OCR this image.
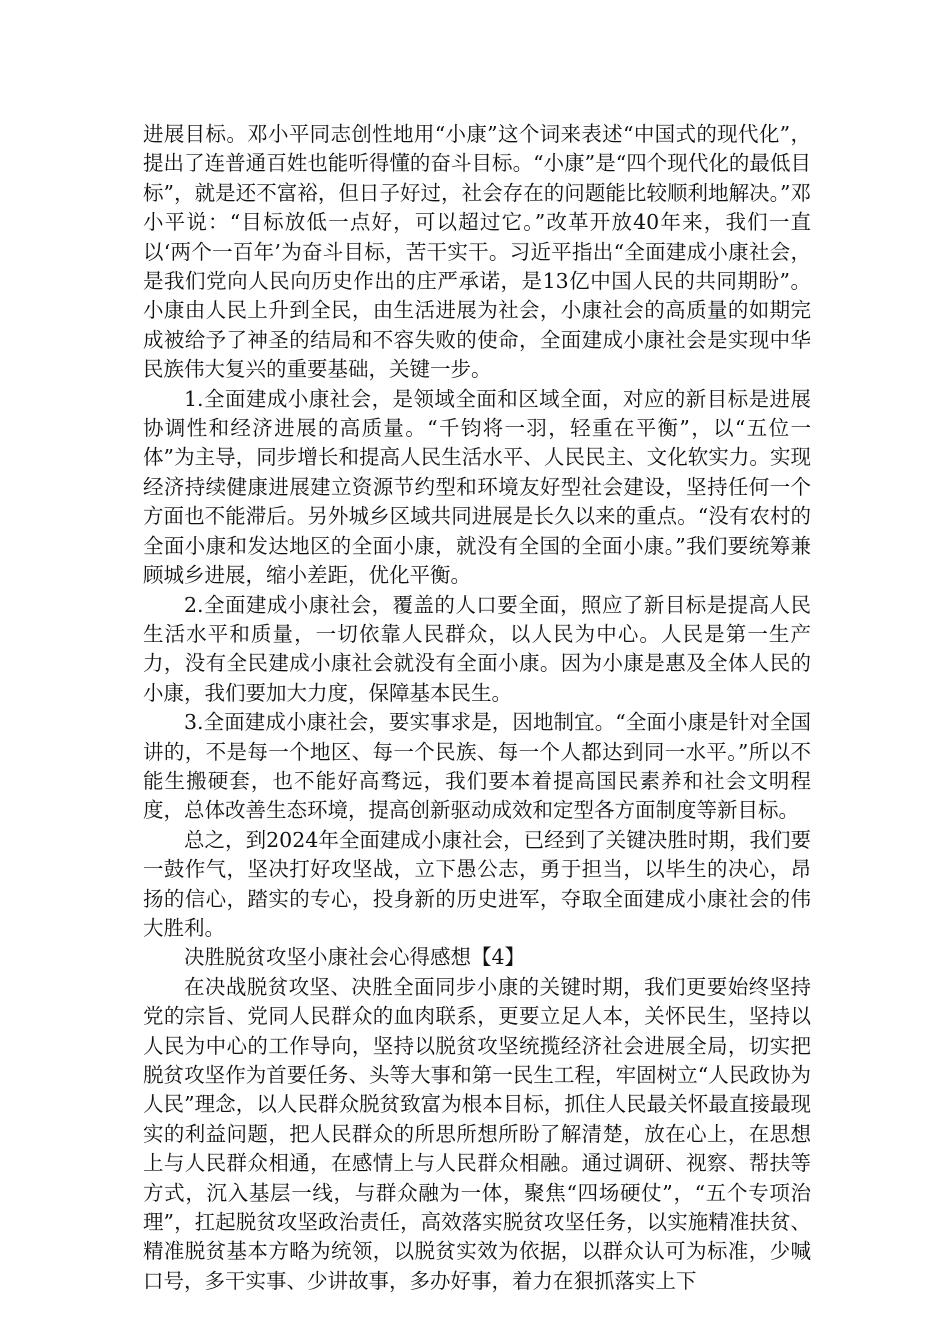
进展目标。邓小平同志创性地用“小康”这个词来表述“中国式的现代化”，提出了连普通百姓也能听得懂的奋斗目标。“小康”是“四个现代化的最低目标”，就是还不富裕，但日子好过，社会存在的问题能比较顺利地解决。”邓小平说：“目标放低一点好，可以超过它。”改革开放40年来，我们一直以‘两个一百年’为奋斗目标，苦干实干。习近平指出“全面建成小康社会，是我们党向人民向历史作出的庄严承诺，是13亿中国人民的共同期盼”。小康由人民上升到全民，由生活进展为社会，小康社会的高质量的如期完成被给予了神圣的结局和不容失败的使命，全面建成小康社会是实现中华民族伟大复兴的重要基础，关键一步。

1.全面建成小康社会，是领域全面和区域全面，对应的新目标是进展协调性和经济进展的高质量。“千钧将一羽，轻重在平衡”，以“五位一体”为主导，同步增长和提高人民生活水平、人民民主、文化软实力。实现经济持续健康进展建立资源节约型和环境友好型社会建设，坚持任何一个方面也不能滞后。另外城乡区域共同进展是长久以来的重点。“没有农村的全面小康和发达地区的全面小康，就没有全国的全面小康。”我们要统筹兼顾城乡进展，缩小差距，优化平衡。

2.全面建成小康社会，覆盖的人口要全面，照应了新目标是提高人民生活水平和质量，一切依靠人民群众，以人民为中心。人民是第一生产力，没有全民建成小康社会就没有全面小康。因为小康是惠及全体人民的小康，我们要加大力度，保障基本民生。

3.全面建成小康社会，要实事求是，因地制宜。“全面小康是针对全国讲的，不是每一个地区、每一个民族、每一个人都达到同一水平。”所以不能生搬硬套，也不能好高骛远，我们要本着提高国民素养和社会文明程度，总体改善生态环境，提高创新驱动成效和定型各方面制度等新目标。

总之，到2024年全面建成小康社会，已经到了关键决胜时期，我们要一鼓作气，坚决打好攻坚战，立下愚公志，勇于担当，以毕生的决心，昂扬的信心，踏实的专心，投身新的历史进军，夺取全面建成小康社会的伟大胜利。

决胜脱贫攻坚小康社会心得感想【4】

在决战脱贫攻坚、决胜全面同步小康的关键时期，我们更要始终坚持党的宗旨、党同人民群众的血肉联系，更要立足人本，关怀民生，坚持以人民为中心的工作导向，坚持以脱贫攻坚统揽经济社会进展全局，切实把脱贫攻坚作为首要任务、头等大事和第一民生工程，牢固树立“人民政协为人民”理念，以人民群众脱贫致富为根本目标，抓住人民最关怀最直接最现实的利益问题，把人民群众的所思所想所盼了解清楚，放在心上，在思想上与人民群众相通，在感情上与人民群众相融。通过调研、视察、帮扶等方式，沉入基层一线，与群众融为一体，聚焦“四场硬仗”，“五个专项治理”，扛起脱贫攻坚政治责任，高效落实脱贫攻坚任务，以实施精准扶贫、精准脱贫基本方略为统领，以脱贫实效为依据，以群众认可为标准，少喊口号，多干实事、少讲故事，多办好事，着力在狠抓落实上下
